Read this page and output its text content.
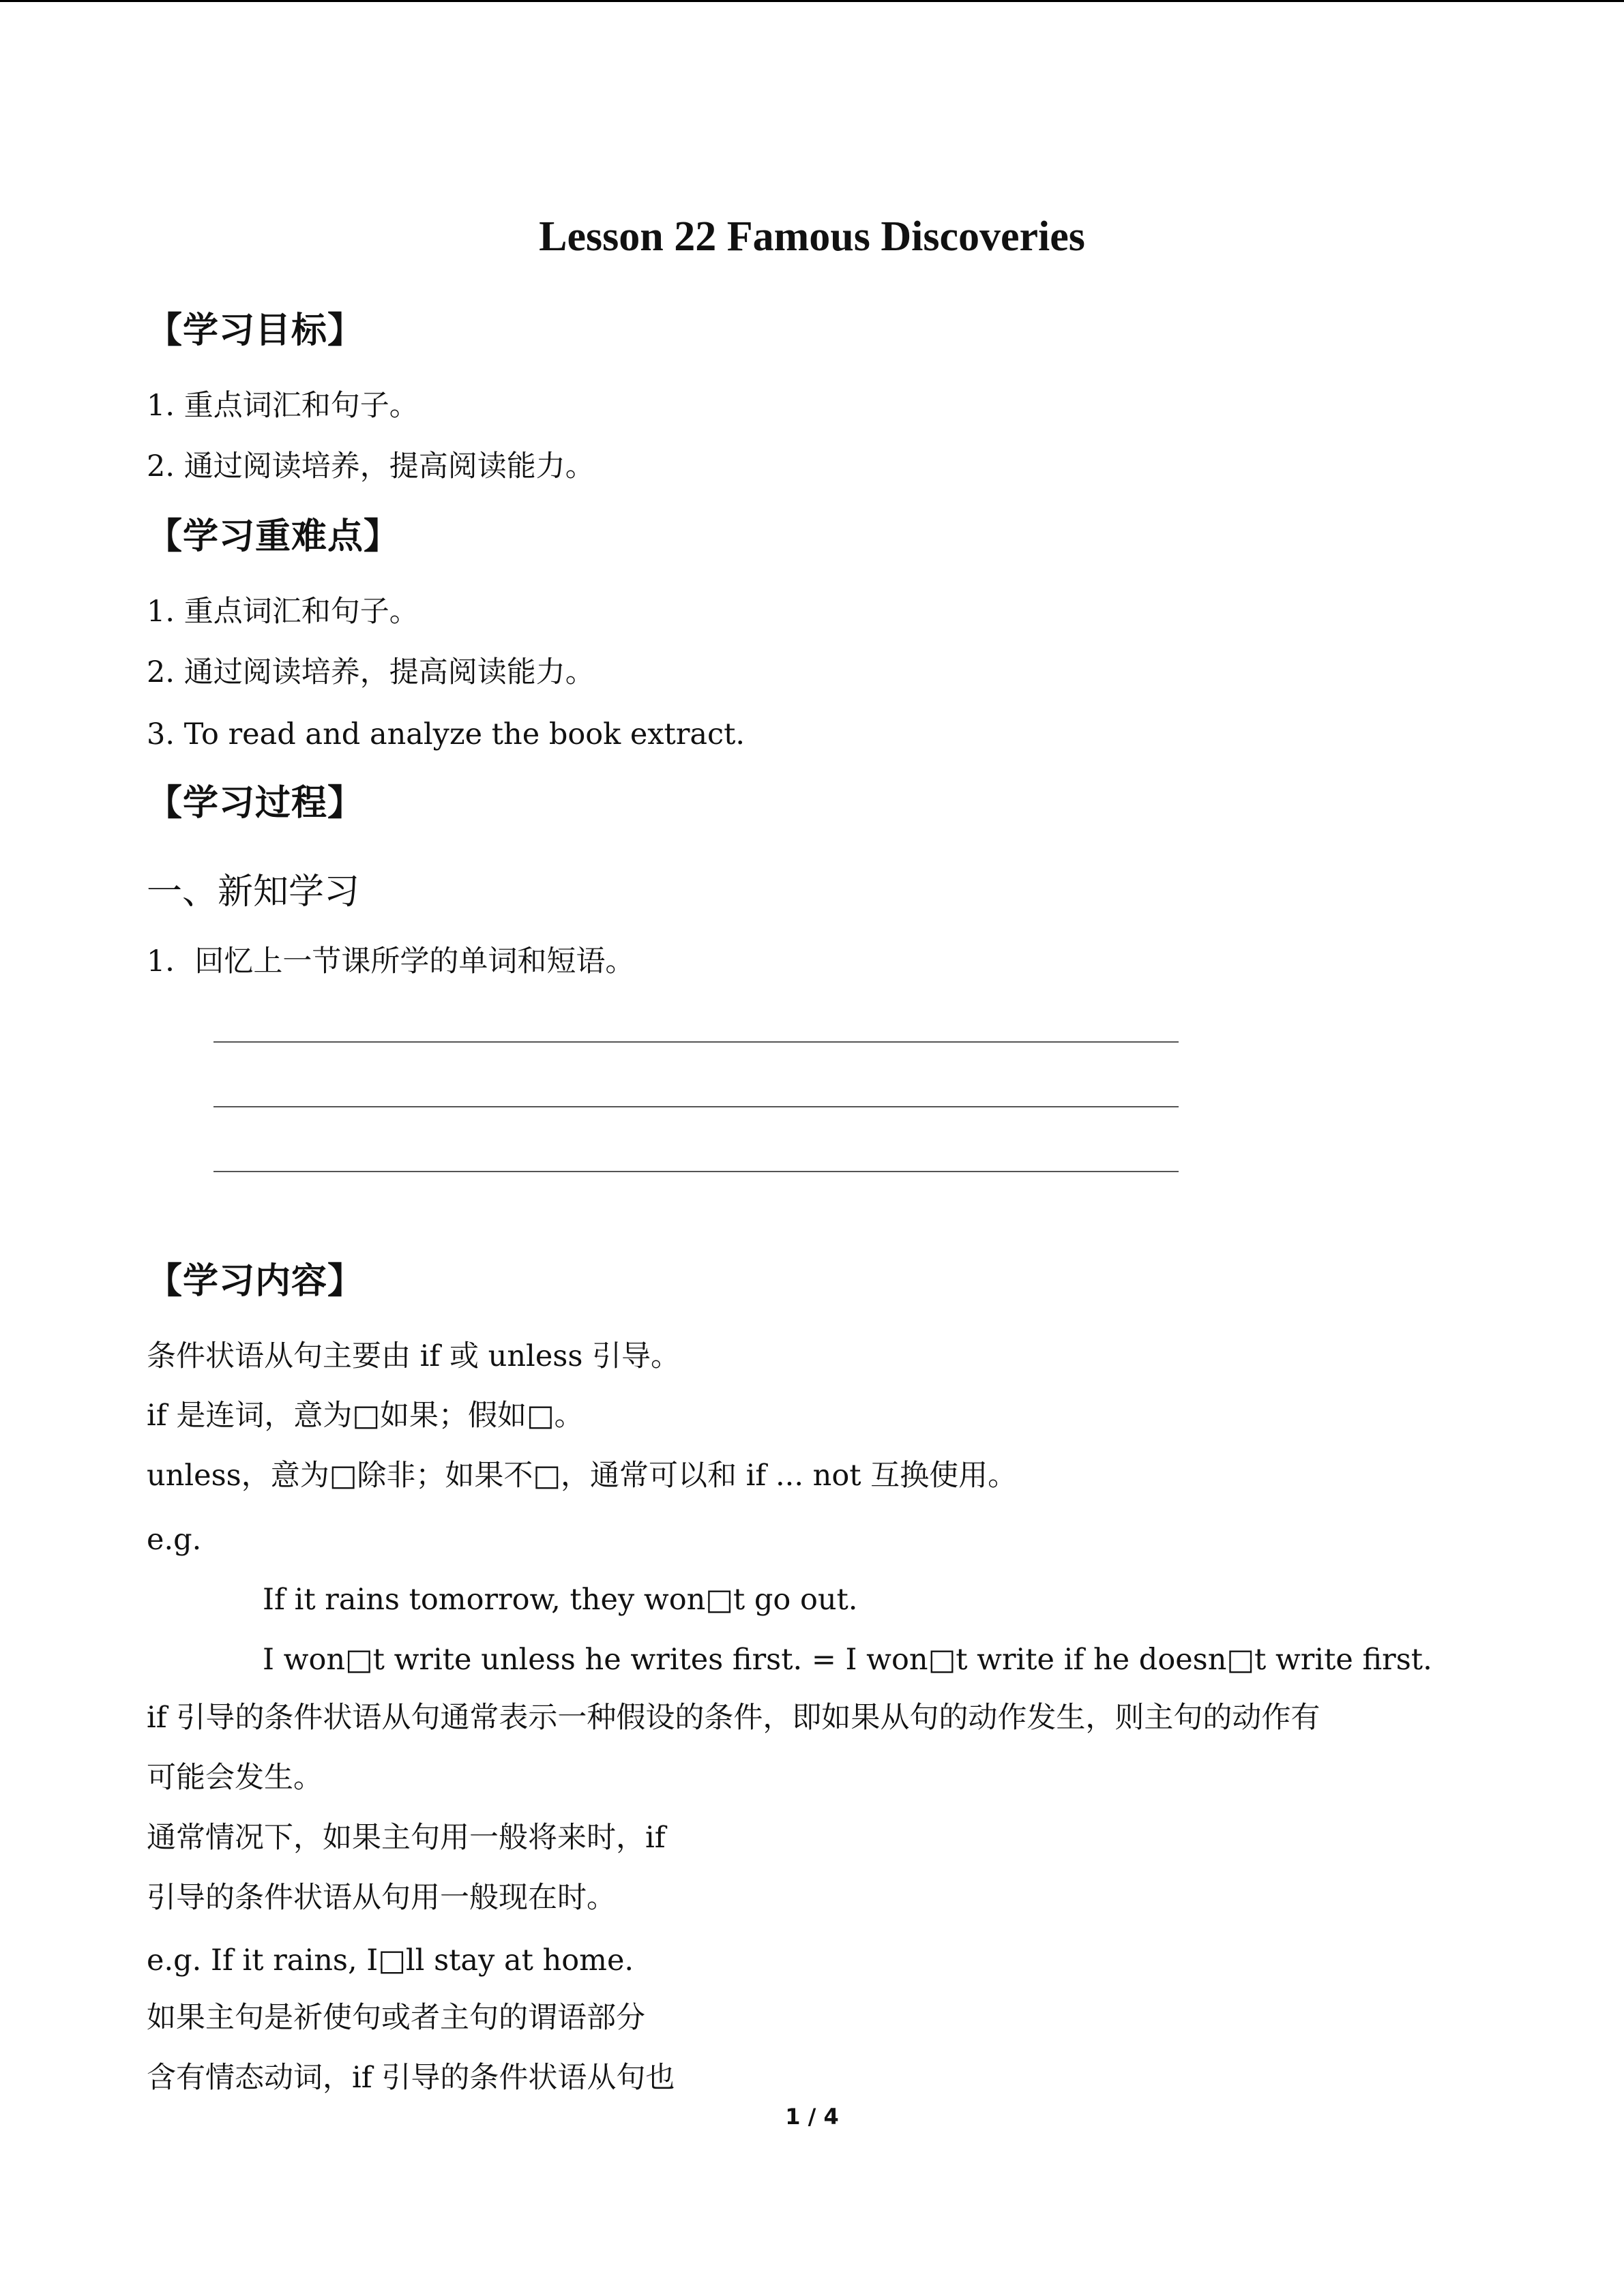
Lesson 22 Famous Discoveries
【学习目标】
1. 重点词汇和句子。
2. 通过阅读培养，提高阅读能力。
【学习重难点】
1. 重点词汇和句子。
2. 通过阅读培养，提高阅读能力。
3. To read and analyze the book extract.
【学习过程】
一、新知学习
1．回忆上一节课所学的单词和短语。
【学习内容】
条件状语从句主要由 if 或 unless 引导。
if 是连词，意为□如果；假如□。
unless，意为□除非；如果不□，通常可以和 if ... not 互换使用。
e.g.
If it rains tomorrow, they won□t go out.
I won□t write unless he writes first. = I won□t write if he doesn□t write first.
if 引导的条件状语从句通常表示一种假设的条件，即如果从句的动作发生，则主句的动作有
可能会发生。
通常情况下，如果主句用一般将来时，if
引导的条件状语从句用一般现在时。
e.g. If it rains, I□ll stay at home.
如果主句是祈使句或者主句的谓语部分
含有情态动词，if 引导的条件状语从句也
1 / 4
